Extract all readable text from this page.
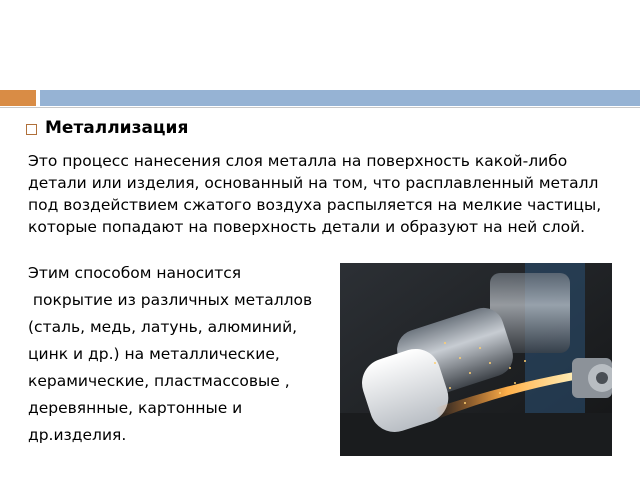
Металлизация

Это процесс нанесения слоя металла на поверхность какой-либо детали или изделия, основанный на том, что расплавленный металл под воздействием сжатого воздуха распыляется на мелкие частицы, которые попадают на поверхность детали и образуют на ней слой.

Этим способом наносится
покрытие из различных металлов
(сталь, медь, латунь, алюминий,
цинк и др.) на металлические,
керамические, пластмассовые ,
деревянные, картонные и
др.изделия.
